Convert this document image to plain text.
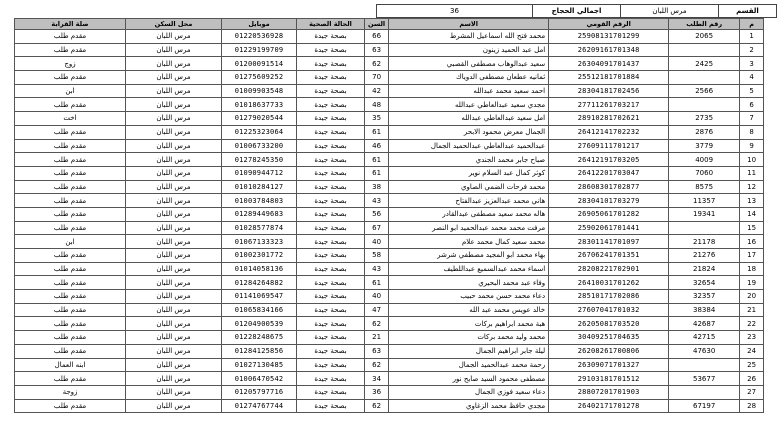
القسم
مرس اللبان
اجمالي الحجاج
36
م	رقم الطلب	الرقم القومي	الاسم	السن	الحالة الصحية	موبايل	محل السكن	صلة القرابة
1	2065	25908131701299	محمد فتح الله اسماعيل المشرط	66	بصحة جيدة	01220536928	مرس اللبان	مقدم طلب
2		26209161701348	امل عبد الحميد زينون	63	بصحة جيدة	01229199709	مرس اللبان	مقدم طلب
3	2425	26304091701437	سعيد عبدالوهاب مصطفى القصبي	62	بصحة جيدة	01200091514	مرس اللبان	زوج
4		25512181701884	ثمانيه عطعان مصطفى الدوياك	70	بصحة جيدة	01275609252	مرس اللبان	مقدم طلب
5	2566	28304181702456	احمد سعيد محمد عبدالله	42	بصحة جيدة	01009903548	مرس اللبان	ابن
6		27711261703217	مجدي سعيد عبدالعاطي عبدالله	48	بصحة جيدة	01018637733	مرس اللبان	مقدم طلب
7	2735	28910281702621	امل سعيد عبدالعاطي عبدالله	35	بصحة جيدة	01279020544	مرس اللبان	اخت
8	2876	26412141702232	الجمال معرض محمود الابحر	61	بصحة جيدة	01225323064	مرس اللبان	مقدم طلب
9	3779	27609111701217	عبدالحميد عبدالعاطي عبدالحميد الجمال	46	بصحة جيدة	01006733200	مرس اللبان	مقدم طلب
10	4009	26412191703205	صباح جابر محمد الجندي	61	بصحة جيدة	01278245350	مرس اللبان	مقدم طلب
11	7060	26412201703047	كوثر كمال عبد السلام نوير	61	بصحة جيدة	01090944712	مرس اللبان	مقدم طلب
12	8575	28608301702877	محمد فرحات الضمي الصاوي	38	بصحة جيدة	01010284127	مرس اللبان	مقدم طلب
13	11357	28304101703279	هاني محمد عبدالعزيز عبدالفتاح	43	بصحة جيدة	01003784803	مرس اللبان	مقدم طلب
14	19341	26905061701282	هاله محمد سعيد مصطفى عبدالقادر	56	بصحة جيدة	01289449683	مرس اللبان	مقدم طلب
15		25902061701441	مرفت محمد محمد عبدالحميد ابو النصر	67	بصحة جيدة	01028577874	مرس اللبان	مقدم طلب
16	21178	28301141701097	محمد سعيد كمال محمد علام	40	بصحة جيدة	01067133323	مرس اللبان	ابن
17	21276	26706241701351	بهاء محمد ابو المجيد مصطفي شرشر	58	بصحة جيدة	01002301772	مرس اللبان	مقدم طلب
18	21824	28208221702901	اسماء محمد عبدالسميع عبداللطيف	43	بصحة جيدة	01014058136	مرس اللبان	مقدم طلب
19	32654	26410031701262	وفاء عبد محمد البحيري	61	بصحة جيدة	01284264882	مرس اللبان	مقدم طلب
20	32357	28510171702086	دعاء محمد حسن محمد حبيب	40	بصحة جيدة	01141069547	مرس اللبان	مقدم طلب
21	38384	27607041701032	خالد عويس محمد عبد الله	47	بصحة جيدة	01065834166	مرس اللبان	مقدم طلب
22	42687	26205081703520	هبة محمد ابراهيم بركات	62	بصحة جيدة	01204900539	مرس اللبان	مقدم طلب
23	42715	30409251704635	محمد وليد محمد بركات	21	بصحة جيدة	01228248675	مرس اللبان	مقدم طلب
24	47630	26208261700806	ليلة جابر ابراهيم الجمال	63	بصحة جيدة	01284125856	مرس اللبان	مقدم طلب
25		26309071701327	رحمة محمد عبدالحميد الجمال	62	بصحة جيدة	01027130485	مرس اللبان	ابنه العمال
26	53677	29103181701512	مصطفى محمود السيد صابح نور	34	بصحة جيدة	01006470542	مرس اللبان	مقدم طلب
27		28807201701903	دعاء سعيد فوزي الجمال	36	بصحة جيدة	01205797716	مرس اللبان	زوجة
28	67197	26402171701278	مجدي حافظ محمد الزغاوي	62	بصحة جيدة	01274767744	مرس اللبان	مقدم طلب
